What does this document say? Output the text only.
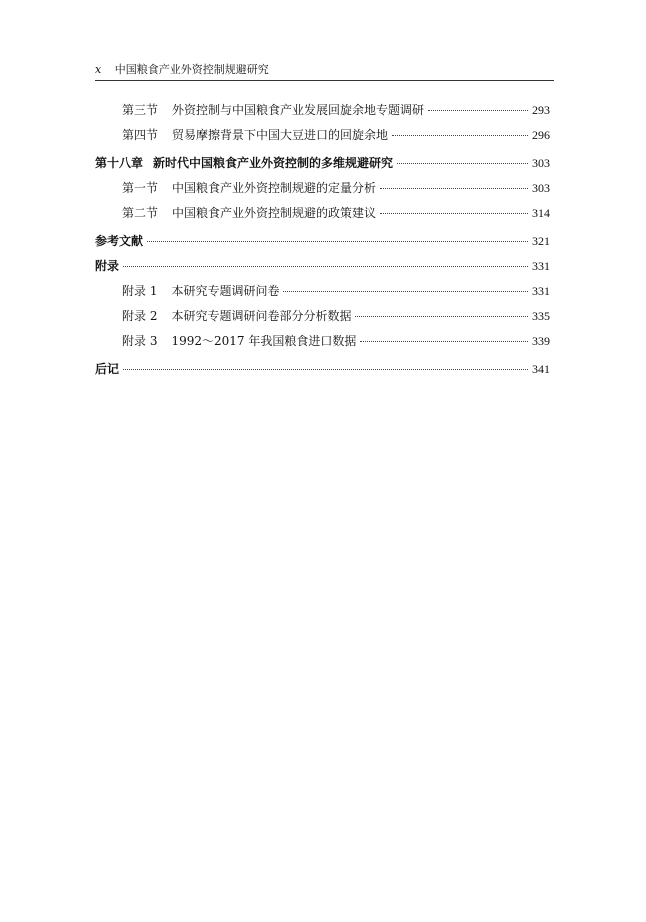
x 中国粮食产业外资控制规避研究
第三节 外资控制与中国粮食产业发展回旋余地专题调研	293
第四节 贸易摩擦背景下中国大豆进口的回旋余地	296
第十八章 新时代中国粮食产业外资控制的多维规避研究	303
第一节 中国粮食产业外资控制规避的定量分析	303
第二节 中国粮食产业外资控制规避的政策建议	314
参考文献	321
附录	331
附录 1 本研究专题调研问卷	331
附录 2 本研究专题调研问卷部分分析数据	335
附录 3 1992～2017 年我国粮食进口数据	339
后记	341
